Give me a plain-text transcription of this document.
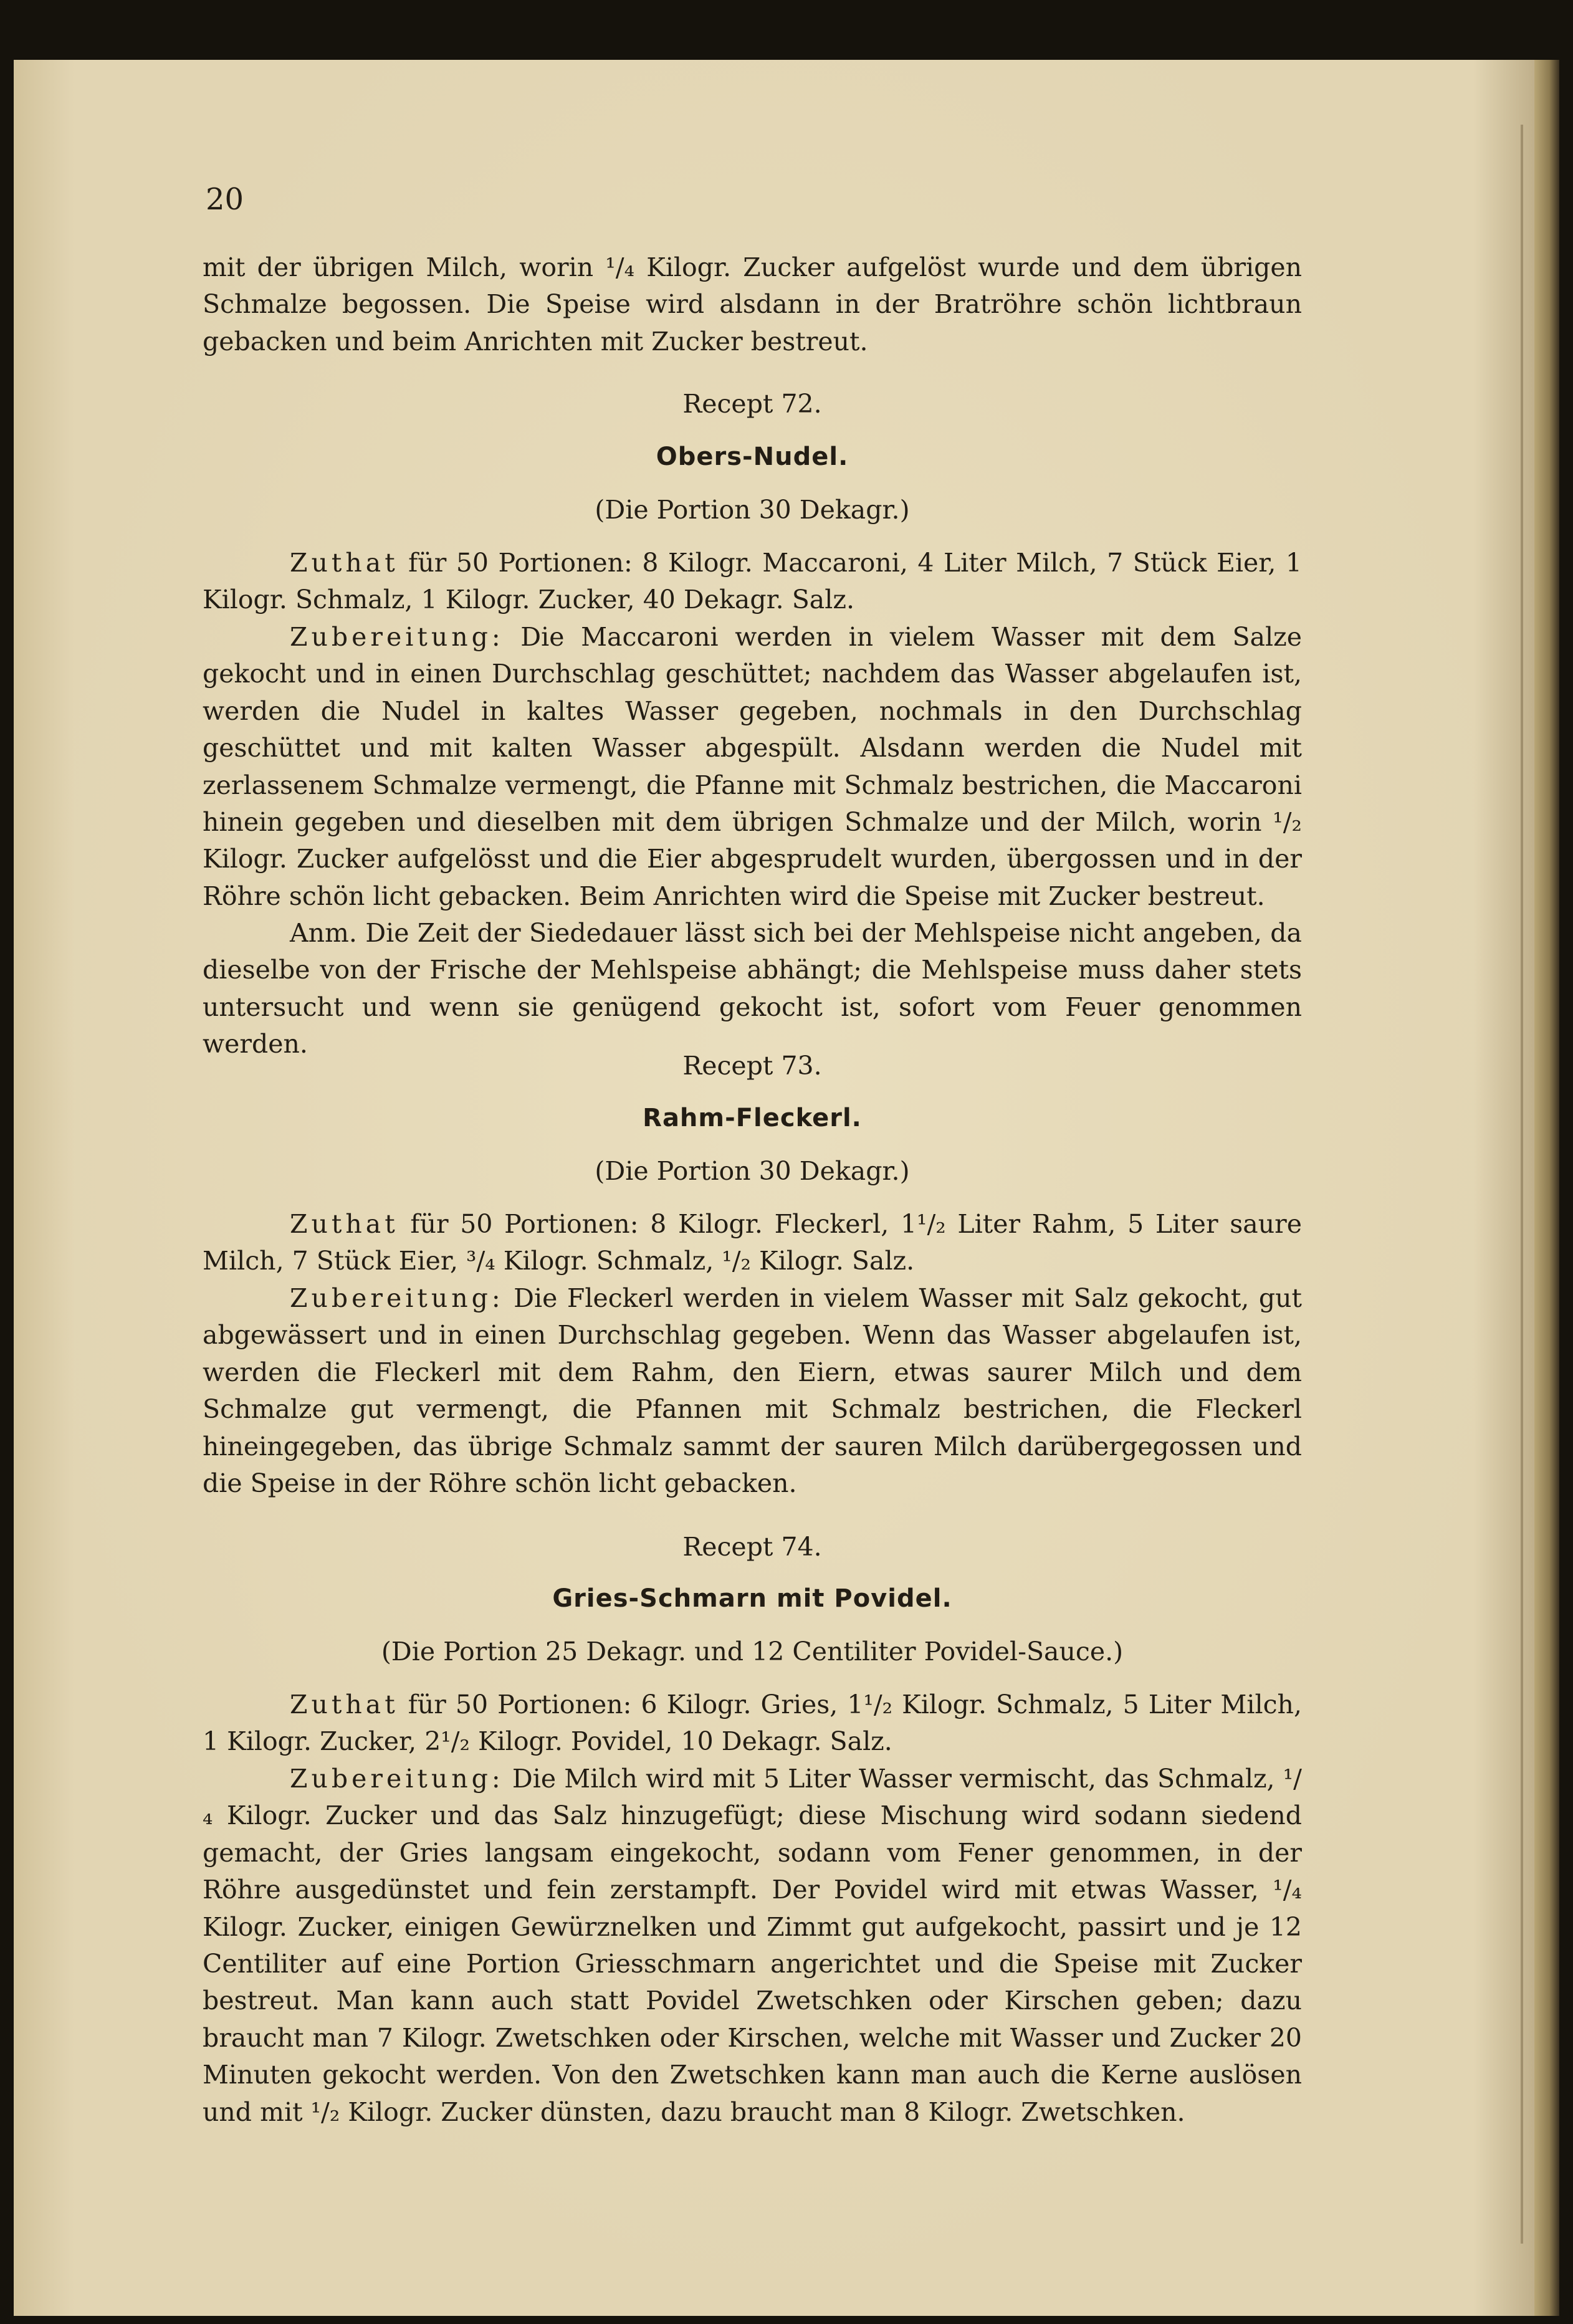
20

mit der übrigen Milch, worin ¹/₄ Kilogr. Zucker aufgelöst wurde und dem übrigen Schmalze begossen. Die Speise wird alsdann in der Bratröhre schön lichtbraun gebacken und beim Anrichten mit Zucker bestreut.

Recept 72.

Obers-Nudel.

(Die Portion 30 Dekagr.)

Zuthat für 50 Portionen: 8 Kilogr. Maccaroni, 4 Liter Milch, 7 Stück Eier, 1 Kilogr. Schmalz, 1 Kilogr. Zucker, 40 Dekagr. Salz.

Zubereitung: Die Maccaroni werden in vielem Wasser mit dem Salze gekocht und in einen Durchschlag geschüttet; nachdem das Wasser abgelaufen ist, werden die Nudel in kaltes Wasser gegeben, nochmals in den Durchschlag geschüttet und mit kalten Wasser abgespült. Alsdann werden die Nudel mit zerlassenem Schmalze vermengt, die Pfanne mit Schmalz bestrichen, die Maccaroni hinein gegeben und dieselben mit dem übrigen Schmalze und der Milch, worin ¹/₂ Kilogr. Zucker aufgelösst und die Eier abgesprudelt wurden, übergossen und in der Röhre schön licht gebacken. Beim Anrichten wird die Speise mit Zucker bestreut.

Anm. Die Zeit der Siededauer lässt sich bei der Mehlspeise nicht angeben, da dieselbe von der Frische der Mehlspeise abhängt; die Mehlspeise muss daher stets untersucht und wenn sie genügend gekocht ist, sofort vom Feuer genommen werden.

Recept 73.

Rahm-Fleckerl.

(Die Portion 30 Dekagr.)

Zuthat für 50 Portionen: 8 Kilogr. Fleckerl, 1¹/₂ Liter Rahm, 5 Liter saure Milch, 7 Stück Eier, ³/₄ Kilogr. Schmalz, ¹/₂ Kilogr. Salz.

Zubereitung: Die Fleckerl werden in vielem Wasser mit Salz gekocht, gut abgewässert und in einen Durchschlag gegeben. Wenn das Wasser abgelaufen ist, werden die Fleckerl mit dem Rahm, den Eiern, etwas saurer Milch und dem Schmalze gut vermengt, die Pfannen mit Schmalz bestrichen, die Fleckerl hineingegeben, das übrige Schmalz sammt der sauren Milch darübergegossen und die Speise in der Röhre schön licht gebacken.

Recept 74.

Gries-Schmarn mit Povidel.

(Die Portion 25 Dekagr. und 12 Centiliter Povidel-Sauce.)

Zuthat für 50 Portionen: 6 Kilogr. Gries, 1¹/₂ Kilogr. Schmalz, 5 Liter Milch, 1 Kilogr. Zucker, 2¹/₂ Kilogr. Povidel, 10 Dekagr. Salz.

Zubereitung: Die Milch wird mit 5 Liter Wasser vermischt, das Schmalz, ¹/₄ Kilogr. Zucker und das Salz hinzugefügt; diese Mischung wird sodann siedend gemacht, der Gries langsam eingekocht, sodann vom Fener genommen, in der Röhre ausgedünstet und fein zerstampft. Der Povidel wird mit etwas Wasser, ¹/₄ Kilogr. Zucker, einigen Gewürznelken und Zimmt gut aufgekocht, passirt und je 12 Centiliter auf eine Portion Griesschmarn angerichtet und die Speise mit Zucker bestreut. Man kann auch statt Povidel Zwetschken oder Kirschen geben; dazu braucht man 7 Kilogr. Zwetschken oder Kirschen, welche mit Wasser und Zucker 20 Minuten gekocht werden. Von den Zwetschken kann man auch die Kerne auslösen und mit ¹/₂ Kilogr. Zucker dünsten, dazu braucht man 8 Kilogr. Zwetschken.
